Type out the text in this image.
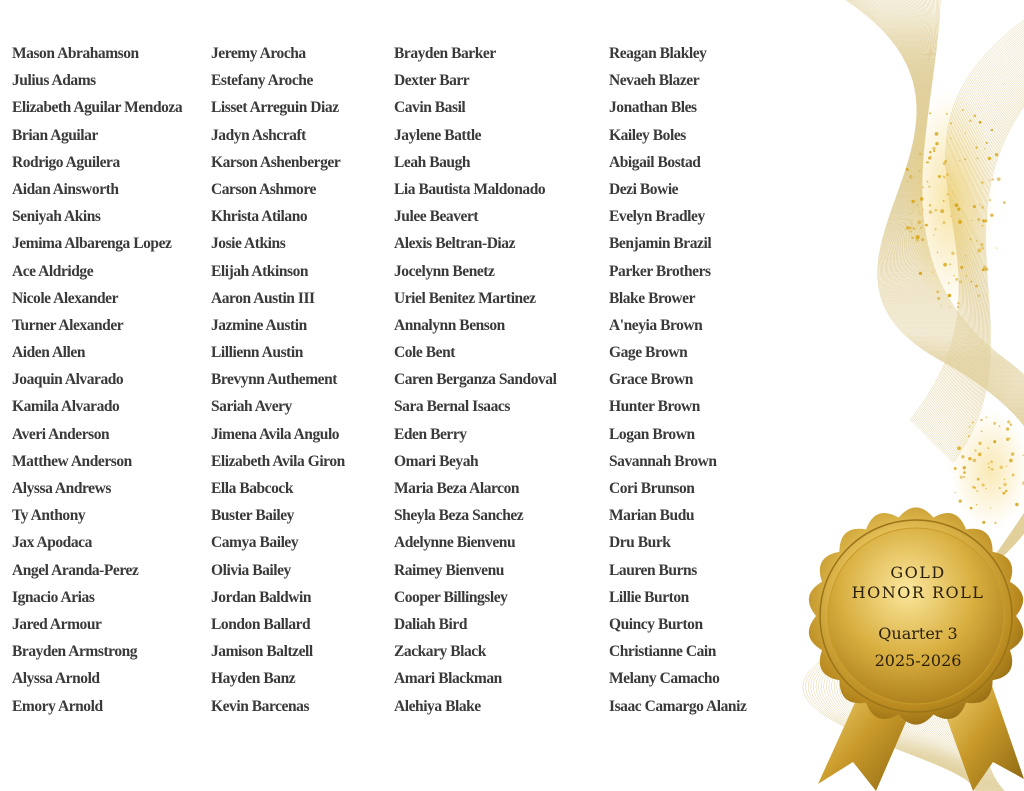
Mason Abrahamson
Julius Adams
Elizabeth Aguilar Mendoza
Brian Aguilar
Rodrigo Aguilera
Aidan Ainsworth
Seniyah Akins
Jemima Albarenga Lopez
Ace Aldridge
Nicole Alexander
Turner Alexander
Aiden Allen
Joaquin Alvarado
Kamila Alvarado
Averi Anderson
Matthew Anderson
Alyssa Andrews
Ty Anthony
Jax Apodaca
Angel Aranda-Perez
Ignacio Arias
Jared Armour
Brayden Armstrong
Alyssa Arnold
Emory Arnold
Jeremy Arocha
Estefany Aroche
Lisset Arreguin Diaz
Jadyn Ashcraft
Karson Ashenberger
Carson Ashmore
Khrista Atilano
Josie Atkins
Elijah Atkinson
Aaron Austin III
Jazmine Austin
Lillienn Austin
Brevynn Authement
Sariah Avery
Jimena Avila Angulo
Elizabeth Avila Giron
Ella Babcock
Buster Bailey
Camya Bailey
Olivia Bailey
Jordan Baldwin
London Ballard
Jamison Baltzell
Hayden Banz
Kevin Barcenas
Brayden Barker
Dexter Barr
Cavin Basil
Jaylene Battle
Leah Baugh
Lia Bautista Maldonado
Julee Beavert
Alexis Beltran-Diaz
Jocelynn Benetz
Uriel Benitez Martinez
Annalynn Benson
Cole Bent
Caren Berganza Sandoval
Sara Bernal Isaacs
Eden Berry
Omari Beyah
Maria Beza Alarcon
Sheyla Beza Sanchez
Adelynne Bienvenu
Raimey Bienvenu
Cooper Billingsley
Daliah Bird
Zackary Black
Amari Blackman
Alehiya Blake
Reagan Blakley
Nevaeh Blazer
Jonathan Bles
Kailey Boles
Abigail Bostad
Dezi Bowie
Evelyn Bradley
Benjamin Brazil
Parker Brothers
Blake Brower
A'neyia Brown
Gage Brown
Grace Brown
Hunter Brown
Logan Brown
Savannah Brown
Cori Brunson
Marian Budu
Dru Burk
Lauren Burns
Lillie Burton
Quincy Burton
Christianne Cain
Melany Camacho
Isaac Camargo Alaniz
GOLD
HONOR ROLL
Quarter 3
2025-2026
